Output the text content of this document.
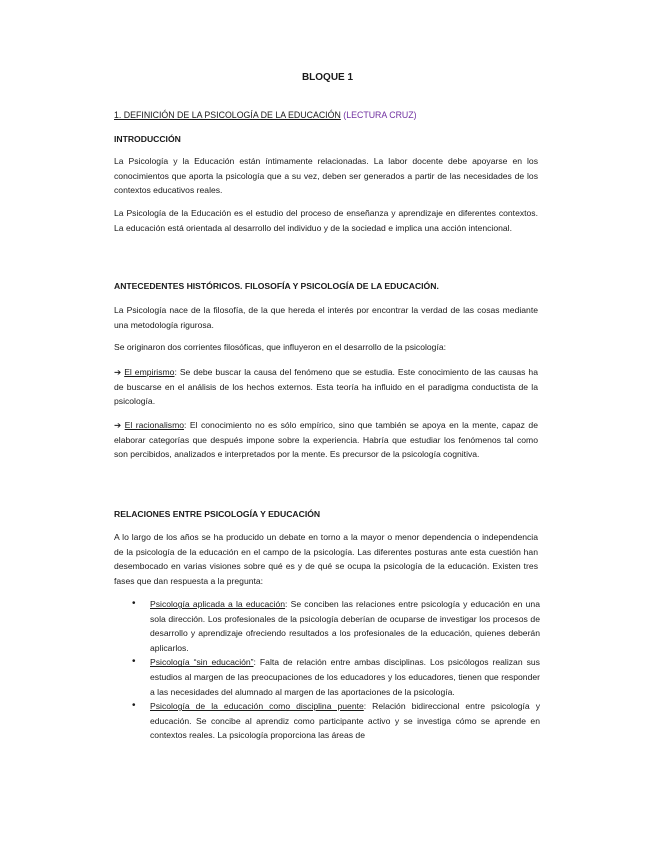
BLOQUE 1
1. DEFINICIÓN DE LA PSICOLOGÍA DE LA EDUCACIÓN (LECTURA CRUZ)
INTRODUCCIÓN
La Psicología y la Educación están íntimamente relacionadas. La labor docente debe apoyarse en los conocimientos que aporta la psicología que a su vez, deben ser generados a partir de las necesidades de los contextos educativos reales.
La Psicología de la Educación es el estudio del proceso de enseñanza y aprendizaje en diferentes contextos. La educación está orientada al desarrollo del individuo y de la sociedad e implica una acción intencional.
ANTECEDENTES HISTÓRICOS. FILOSOFÍA Y PSICOLOGÍA DE LA EDUCACIÓN.
La Psicología nace de la filosofía, de la que hereda el interés por encontrar la verdad de las cosas mediante una metodología rigurosa.
Se originaron dos corrientes filosóficas, que influyeron en el desarrollo de la psicología:
➔ El empirismo: Se debe buscar la causa del fenómeno que se estudia. Este conocimiento de las causas ha de buscarse en el análisis de los hechos externos. Esta teoría ha influido en el paradigma conductista de la psicología.
➔ El racionalismo: El conocimiento no es sólo empírico, sino que también se apoya en la mente, capaz de elaborar categorías que después impone sobre la experiencia. Habría que estudiar los fenómenos tal como son percibidos, analizados e interpretados por la mente. Es precursor de la psicología cognitiva.
RELACIONES ENTRE PSICOLOGÍA Y EDUCACIÓN
A lo largo de los años se ha producido un debate en torno a la mayor o menor dependencia o independencia de la psicología de la educación en el campo de la psicología. Las diferentes posturas ante esta cuestión han desembocado en varias visiones sobre qué es y de qué se ocupa la psicología de la educación. Existen tres fases que dan respuesta a la pregunta:
• Psicología aplicada a la educación: Se conciben las relaciones entre psicología y educación en una sola dirección. Los profesionales de la psicología deberían de ocuparse de investigar los procesos de desarrollo y aprendizaje ofreciendo resultados a los profesionales de la educación, quienes deberán aplicarlos.
• Psicología “sin educación”: Falta de relación entre ambas disciplinas. Los psicólogos realizan sus estudios al margen de las preocupaciones de los educadores y los educadores, tienen que responder a las necesidades del alumnado al margen de las aportaciones de la psicología.
• Psicología de la educación como disciplina puente: Relación bidireccional entre psicología y educación. Se concibe al aprendiz como participante activo y se investiga cómo se aprende en contextos reales. La psicología proporciona las áreas de
